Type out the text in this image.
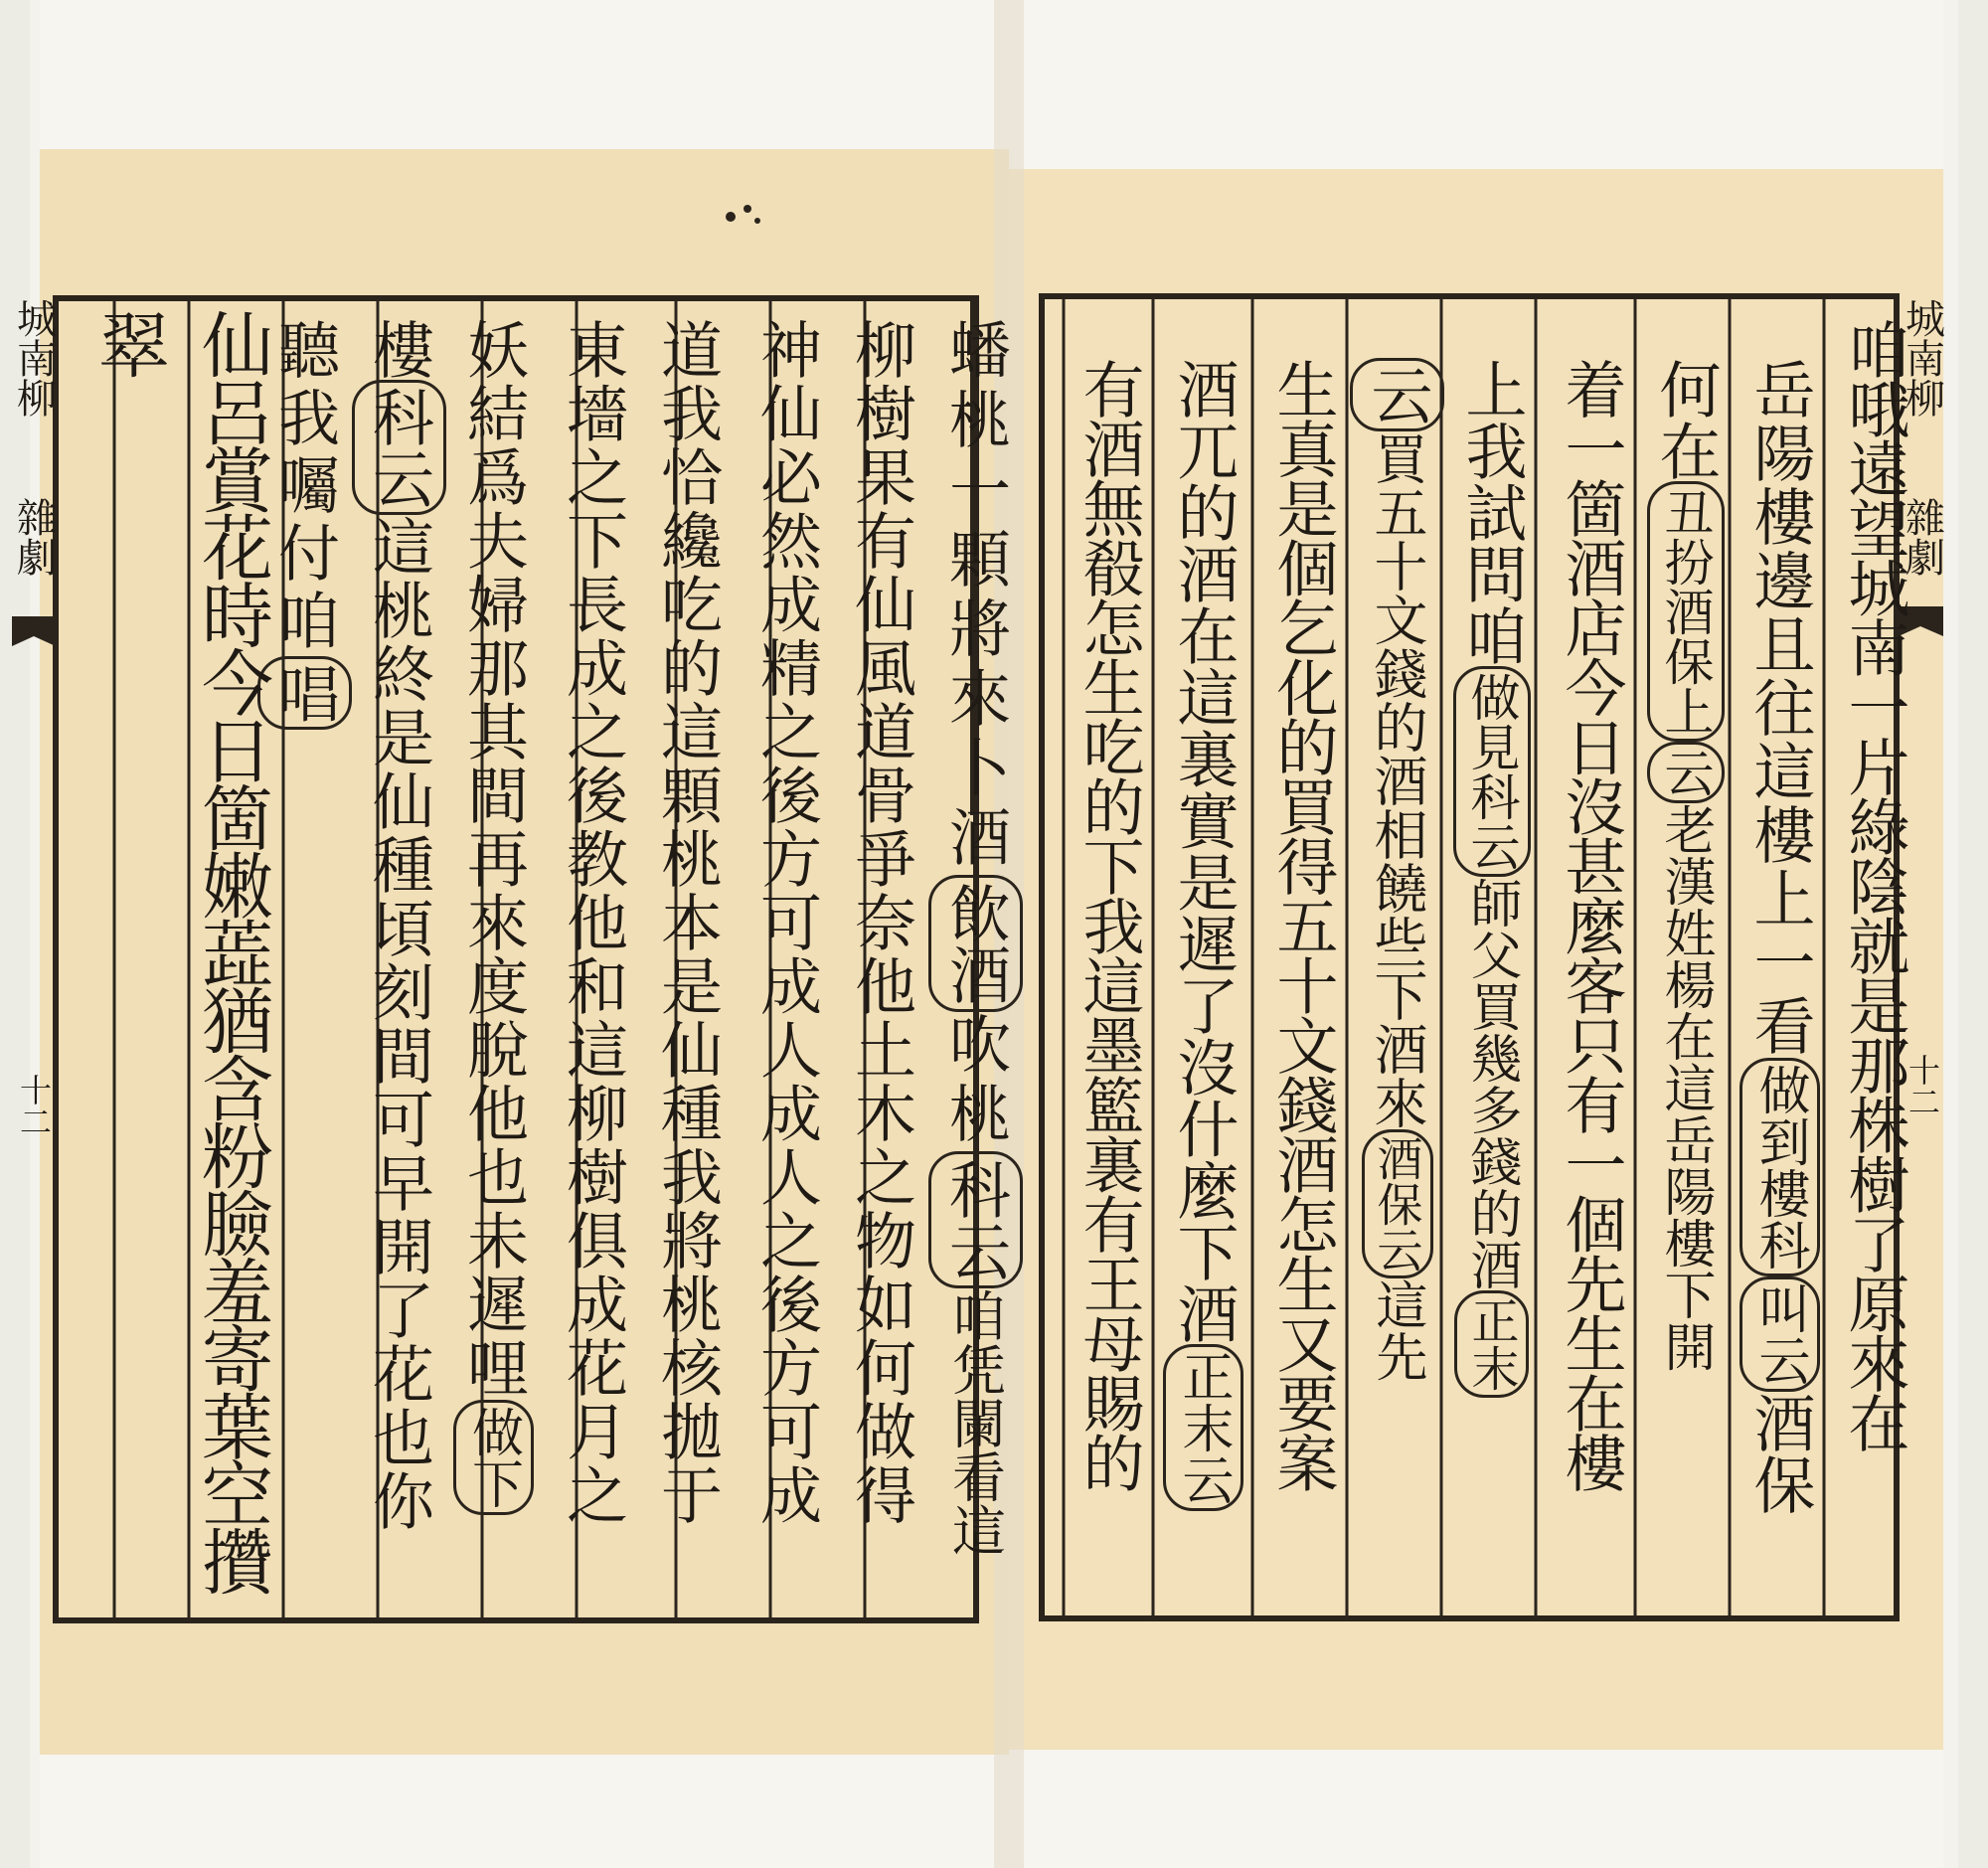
蟠桃一顆將來
卜酒
飲酒
吹桃
科云
咱凭闌看這
柳樹果有仙風道骨爭奈他土木之物如何做得
神仙必然成精之後方可成人成人之後方可成
道我恰纔吃的這顆桃本是仙種我將桃核拋于
東墻之下長成之後教他和這柳樹俱成花月之
妖結爲夫婦那其間再來度脫他也未遲哩
做下
樓
科云
這桃終是仙種頃刻間可早開了花也你
聽我囑付咱
唱
仙呂賞花時今日箇嫩蕋猶含粉臉羞寄葉空攢翠
城南柳
雜劇
十二	咱哦遠望城南一片綠陰就是那株樹了原來在
岳陽樓邊且往這樓上一看
做到樓科
叫云
酒保
何在
丑扮酒保上
云
老漢姓楊在這岳陽樓下開
着一箇酒店今日沒甚麼客只有一個先生在樓
上我試問咱
做見科云
師父買幾多錢的酒
正末
云
買五十文錢的酒相饒些下酒來
酒保云
這先
生真是個乞化的買得五十文錢酒怎生又要案
酒兀的酒在這裏實是遲了沒什麼下酒
正末云
有酒無殽怎生吃的下我這墨籃裏有王母賜的	城南柳
雜劇
十二
